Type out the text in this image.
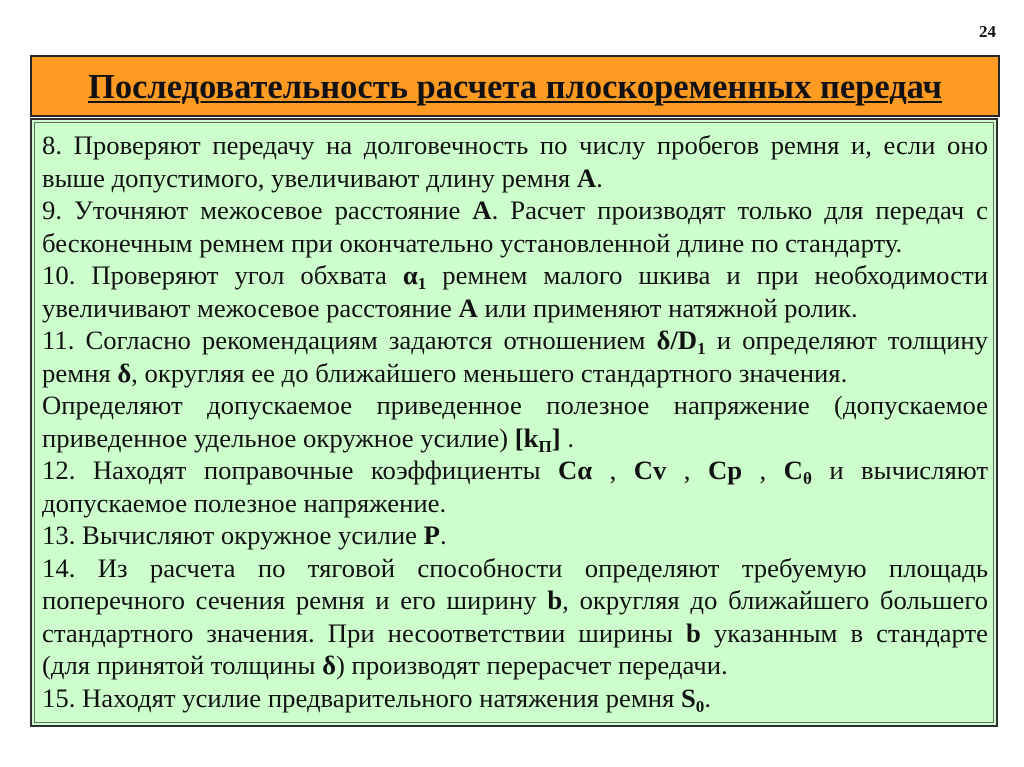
24
Последовательность расчета плоскоременных передач
8. Проверяют передачу на долговечность по числу пробегов ремня и, если оно
выше допустимого, увеличивают длину ремня А.
9. Уточняют межосевое расстояние А. Расчет производят только для передач с
бесконечным ремнем при окончательно установленной длине по стандарту.
10. Проверяют угол обхвата $\alpha_1$ ремнем малого шкива и при необходимости
увеличивают межосевое расстояние А или применяют натяжной ролик.
11. Согласно рекомендациям задаются отношением $\delta/D_1$ и определяют толщину
ремня δ, округляя ее до ближайшего меньшего стандартного значения.
Определяют допускаемое приведенное полезное напряжение (допускаемое
приведенное удельное окружное усилие) $[k_П]$ .
12. Находят поправочные коэффициенты Cα , Cv , Cp , $C_\theta$ и вычисляют
допускаемое полезное напряжение.
13. Вычисляют окружное усилие P.
14. Из расчета по тяговой способности определяют требуемую площадь
поперечного сечения ремня и его ширину b, округляя до ближайшего большего
стандартного значения. При несоответствии ширины b указанным в стандарте
(для принятой толщины δ) производят перерасчет передачи.
15. Находят усилие предварительного натяжения ремня $S_0$.
